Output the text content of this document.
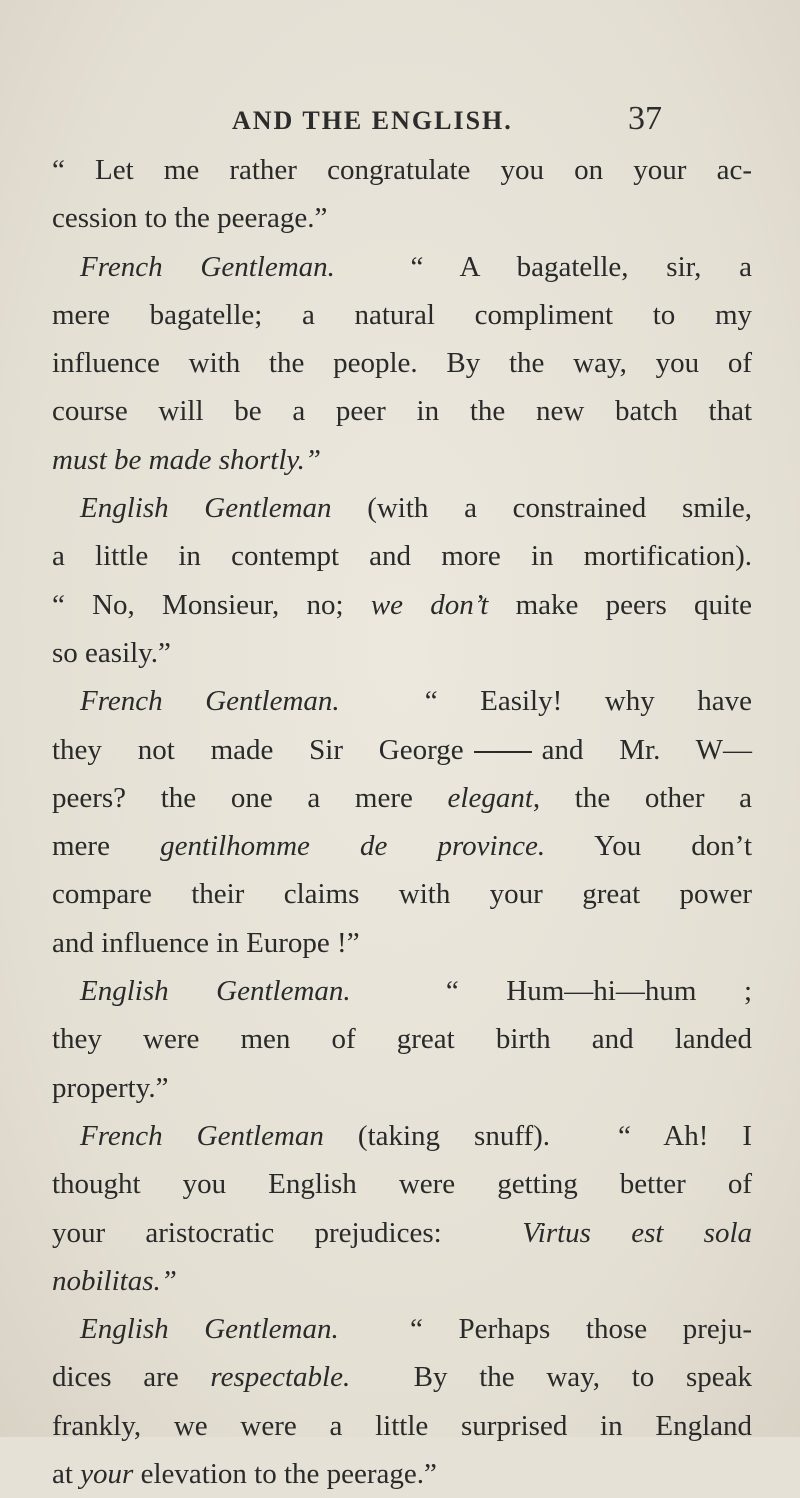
AND THE ENGLISH.	37
“ Let me rather congratulate you on your ac-
cession to the peerage.”
French Gentleman.	“ A bagatelle, sir, a
mere bagatelle; a natural compliment to my
influence with the people. By the way, you of
course will be a peer in the new batch that
must be made shortly.”
English Gentleman (with a constrained smile,
a little in contempt and more in mortification).
“ No, Monsieur, no; we don’t make peers quite
so easily.”
French Gentleman.	“ Easily! why have
they not made Sir George	and Mr. W—
peers? the one a mere elegant, the other a
mere gentilhomme de province. You don’t
compare their claims with your great power
and influence in Europe !”
English Gentleman.	“ Hum—hi—hum ;
they were men of great birth and landed
property.”
French Gentleman (taking snuff). “ Ah! I
thought you English were getting better of
your aristocratic prejudices:	Virtus est sola
nobilitas.”
English Gentleman. “ Perhaps those preju-
dices are respectable. By the way, to speak
frankly, we were a little surprised in England
at your elevation to the peerage.”
